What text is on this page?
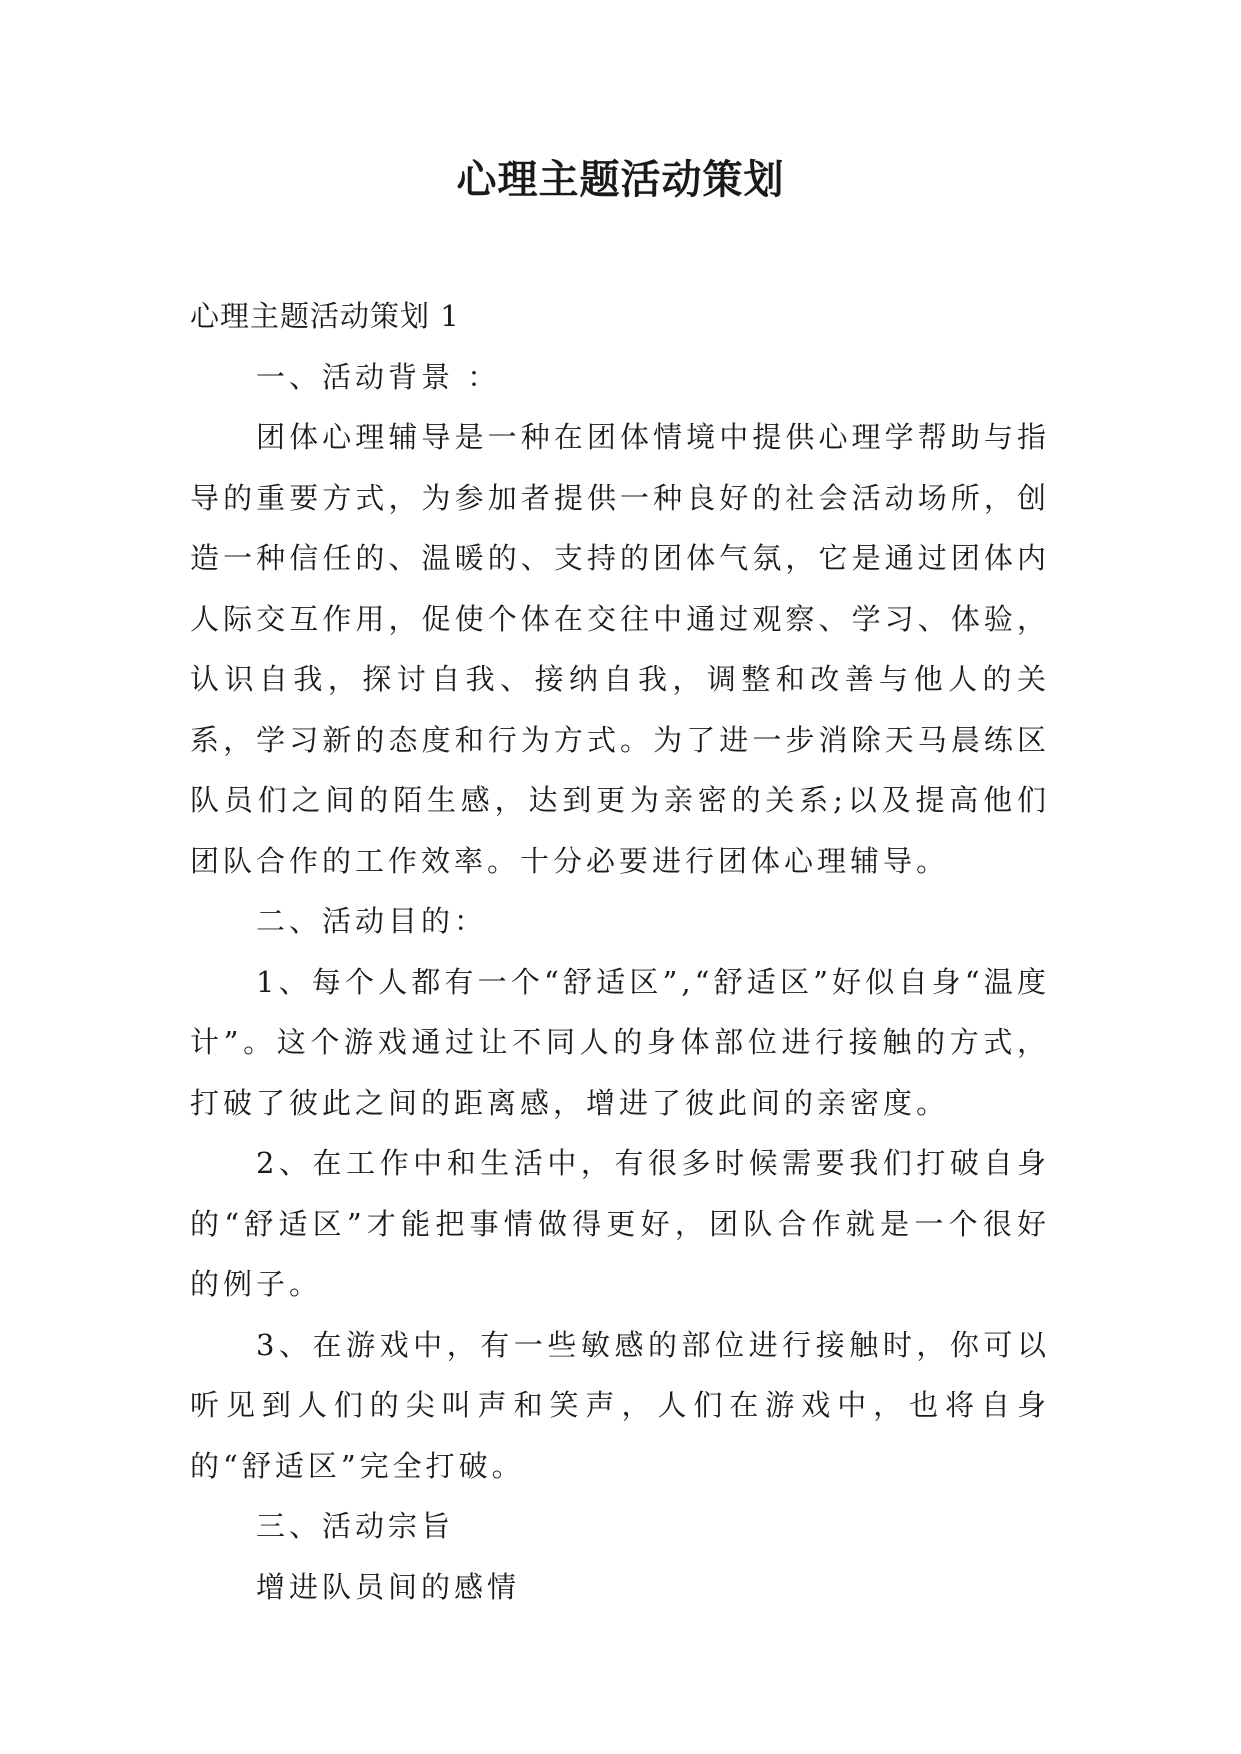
心理主题活动策划

心理主题活动策划 1

一、活动背景 ：

团体心理辅导是一种在团体情境中提供心理学帮助与指导的重要方式，为参加者提供一种良好的社会活动场所，创造一种信任的、温暖的、支持的团体气氛，它是通过团体内人际交互作用，促使个体在交往中通过观察、学习、体验，认识自我，探讨自我、接纳自我，调整和改善与他人的关系，学习新的态度和行为方式。为了进一步消除天马晨练区队员们之间的陌生感，达到更为亲密的关系;以及提高他们团队合作的工作效率。十分必要进行团体心理辅导。

二、活动目的：

1、每个人都有一个“舒适区”,“舒适区”好似自身“温度计”。这个游戏通过让不同人的身体部位进行接触的方式，打破了彼此之间的距离感，增进了彼此间的亲密度。

2、在工作中和生活中，有很多时候需要我们打破自身的“舒适区”才能把事情做得更好，团队合作就是一个很好的例子。

3、在游戏中，有一些敏感的部位进行接触时，你可以听见到人们的尖叫声和笑声，人们在游戏中，也将自身的“舒适区”完全打破。

三、活动宗旨

增进队员间的感情
